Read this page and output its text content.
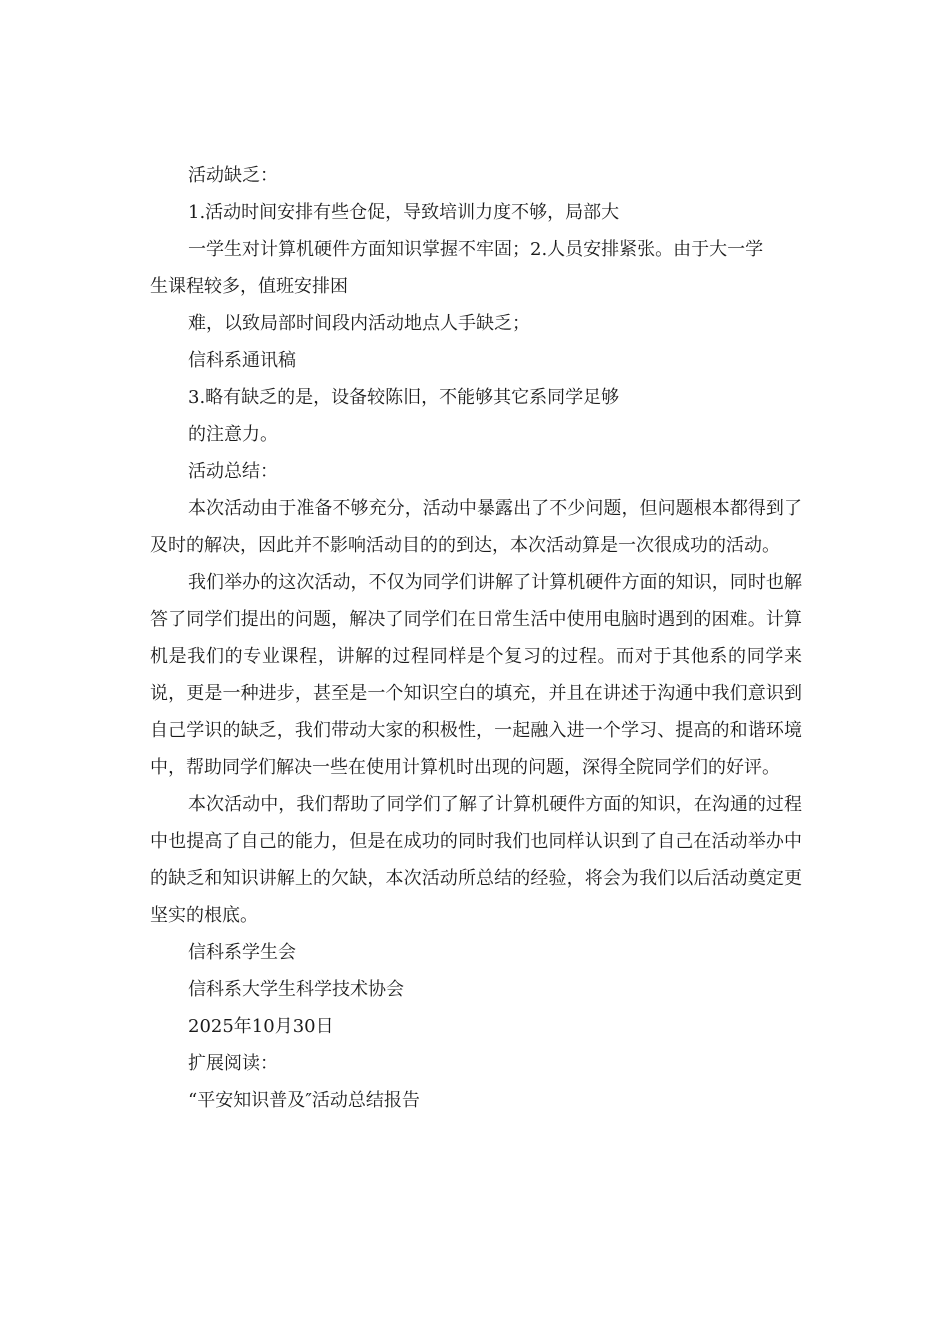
活动缺乏：

1.活动时间安排有些仓促，导致培训力度不够，局部大

一学生对计算机硬件方面知识掌握不牢固；2.人员安排紧张。由于大一学

生课程较多，值班安排困

难，以致局部时间段内活动地点人手缺乏；

信科系通讯稿

3.略有缺乏的是，设备较陈旧，不能够其它系同学足够

的注意力。

活动总结：

本次活动由于准备不够充分，活动中暴露出了不少问题，但问题根本都得到了及时的解决，因此并不影响活动目的的到达，本次活动算是一次很成功的活动。

我们举办的这次活动，不仅为同学们讲解了计算机硬件方面的知识，同时也解答了同学们提出的问题，解决了同学们在日常生活中使用电脑时遇到的困难。计算机是我们的专业课程，讲解的过程同样是个复习的过程。而对于其他系的同学来说，更是一种进步，甚至是一个知识空白的填充，并且在讲述于沟通中我们意识到自己学识的缺乏，我们带动大家的积极性，一起融入进一个学习、提高的和谐环境中，帮助同学们解决一些在使用计算机时出现的问题，深得全院同学们的好评。

本次活动中，我们帮助了同学们了解了计算机硬件方面的知识，在沟通的过程中也提高了自己的能力，但是在成功的同时我们也同样认识到了自己在活动举办中的缺乏和知识讲解上的欠缺，本次活动所总结的经验，将会为我们以后活动奠定更坚实的根底。

信科系学生会

信科系大学生科学技术协会

2025年10月30日

扩展阅读：

“平安知识普及″活动总结报告
